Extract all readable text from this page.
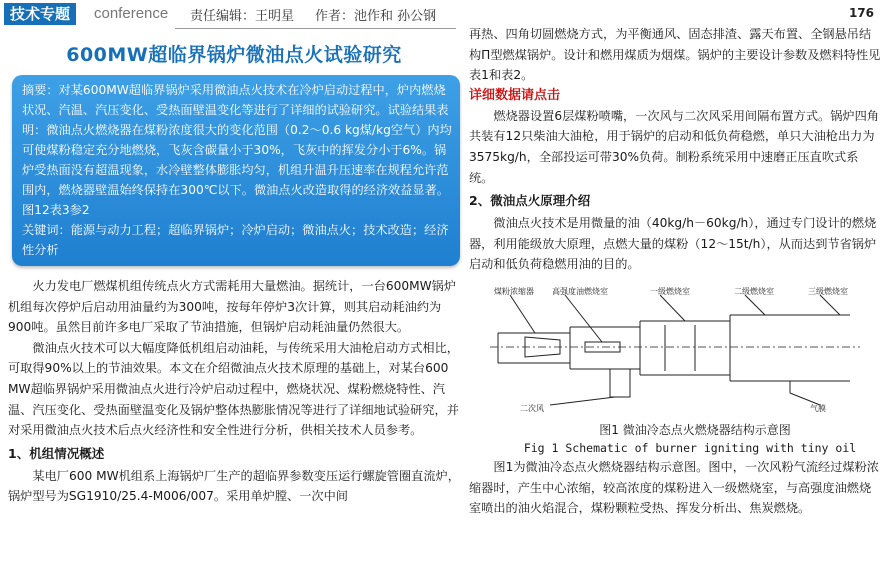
技术专题	conference 责任编辑：王明星 作者：池作和 孙公钢	176
600MW超临界锅炉微油点火试验研究

摘要：对某600MW超临界锅炉采用微油点火技术在冷炉启动过程中，炉内燃烧状况、汽温、汽压变化、受热面壁温变化等进行了详细的试验研究。试验结果表明：微油点火燃烧器在煤粉浓度很大的变化范围（0.2～0.6 kg煤/kg空气）内均可使煤粉稳定充分地燃烧，飞灰含碳量小于30%，飞灰中的挥发分小于6%。锅炉受热面没有超温现象，水冷壁整体膨胀均匀，机组升温升压速率在规程允许范围内，燃烧器壁温始终保持在300℃以下。微油点火改造取得的经济效益显著。图12表3参2

关键词：能源与动力工程；超临界锅炉；冷炉启动；微油点火；技术改造；经济性分析

火力发电厂燃煤机组传统点火方式需耗用大量燃油。据统计，一台600MW锅炉机组每次停炉后启动用油量约为300吨，按每年停炉3次计算，则其启动耗油约为900吨。虽然目前许多电厂采取了节油措施，但锅炉启动耗油量仍然很大。

微油点火技术可以大幅度降低机组启动油耗，与传统采用大油枪启动方式相比，可取得90%以上的节油效果。本文在介绍微油点火技术原理的基础上，对某台600 MW超临界锅炉采用微油点火进行冷炉启动过程中，燃烧状况、煤粉燃烧特性、汽温、汽压变化、受热面壁温变化及锅炉整体热膨胀情况等进行了详细地试验研究，并对采用微油点火技术后点火经济性和安全性进行分析，供相关技术人员参考。

1、机组情况概述

某电厂600 MW机组系上海锅炉厂生产的超临界参数变压运行螺旋管圈直流炉，锅炉型号为SG1910/25.4-M006/007。采用单炉膛、一次中间

再热、四角切圆燃烧方式，为平衡通风、固态排渣、露天布置、全钢悬吊结构Π型燃煤锅炉。设计和燃用煤质为烟煤。锅炉的主要设计参数及燃料特性见表1和表2。

详细数据请点击

燃烧器设置6层煤粉喷嘴，一次风与二次风采用间隔布置方式。锅炉四角共装有12只柴油大油枪，用于锅炉的启动和低负荷稳燃，单只大油枪出力为3575kg/h，全部投运可带30%负荷。制粉系统采用中速磨正压直吹式系统。

2、微油点火原理介绍

微油点火技术是用微量的油（40kg/h－60kg/h），通过专门设计的燃烧器，利用能级放大原理，点燃大量的煤粉（12～15t/h），从而达到节省锅炉启动和低负荷稳燃用油的目的。

煤粉浓缩器 高强度油燃烧室	一级燃烧室	二级燃烧室	三级燃烧室
二次风	气膜
图1 微油冷态点火燃烧器结构示意图
Fig 1 Schematic of burner igniting with tiny oil

图1为微油冷态点火燃烧器结构示意图。图中，一次风粉气流经过煤粉浓缩器时，产生中心浓缩，较高浓度的煤粉进入一级燃烧室，与高强度油燃烧室喷出的油火焰混合，煤粉颗粒受热、挥发分析出、焦炭燃烧。
